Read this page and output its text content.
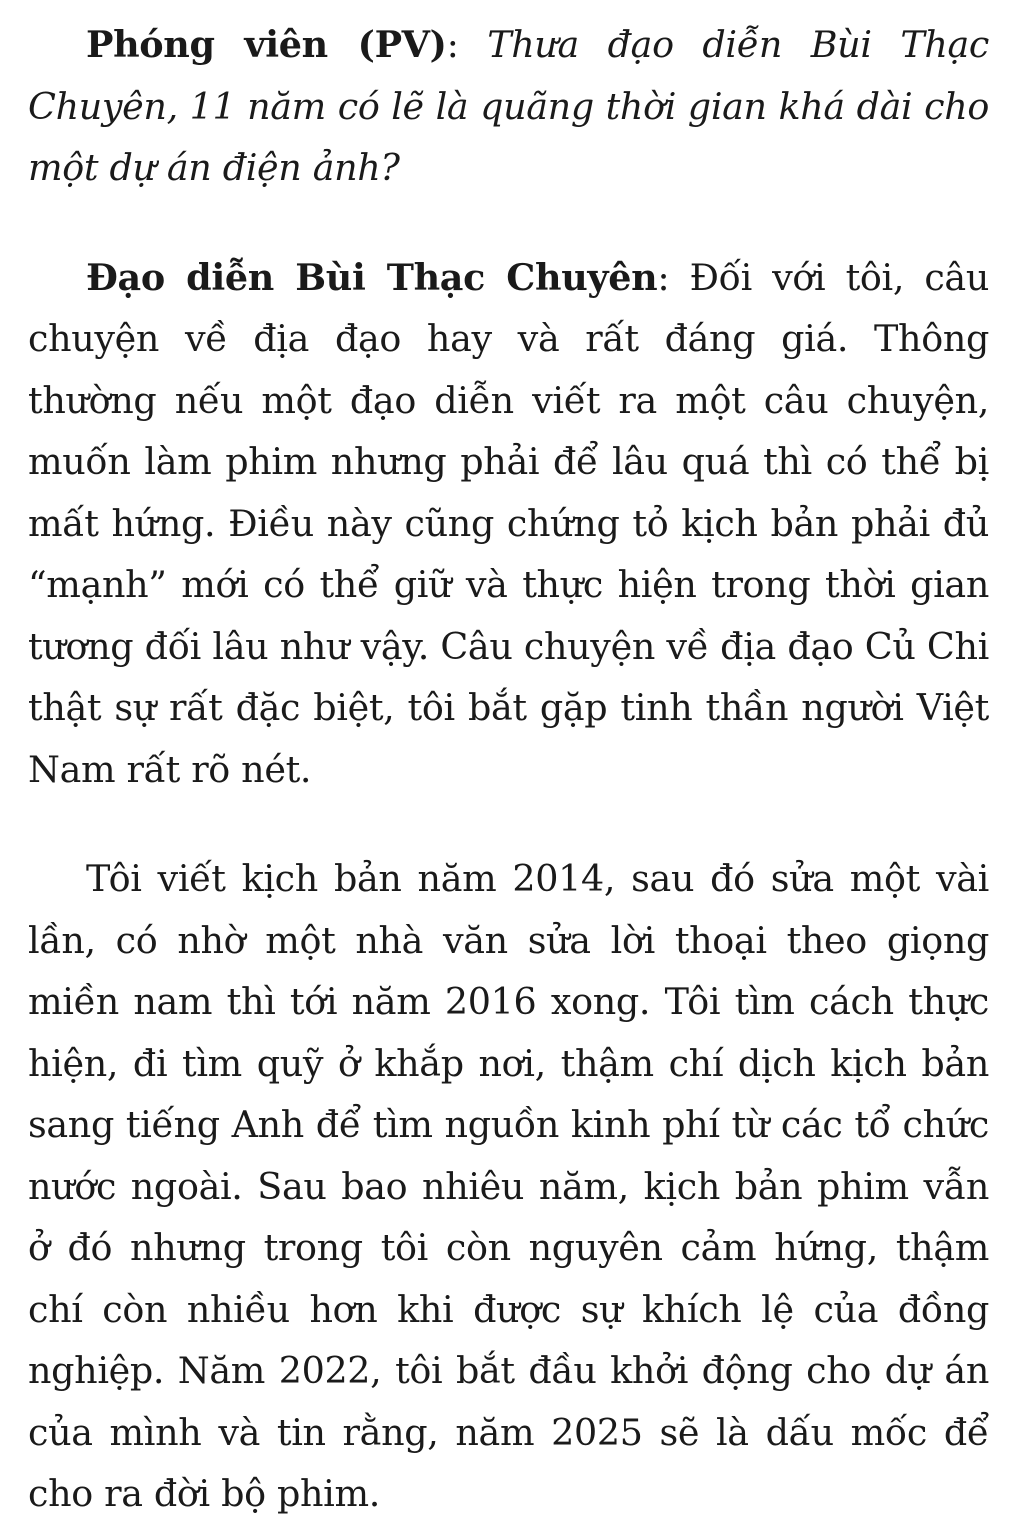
Phóng viên (PV): Thưa đạo diễn Bùi Thạc Chuyên, 11 năm có lẽ là quãng thời gian khá dài cho một dự án điện ảnh?

Đạo diễn Bùi Thạc Chuyên: Đối với tôi, câu chuyện về địa đạo hay và rất đáng giá. Thông thường nếu một đạo diễn viết ra một câu chuyện, muốn làm phim nhưng phải để lâu quá thì có thể bị mất hứng. Điều này cũng chứng tỏ kịch bản phải đủ “mạnh” mới có thể giữ và thực hiện trong thời gian tương đối lâu như vậy. Câu chuyện về địa đạo Củ Chi thật sự rất đặc biệt, tôi bắt gặp tinh thần người Việt Nam rất rõ nét.

Tôi viết kịch bản năm 2014, sau đó sửa một vài lần, có nhờ một nhà văn sửa lời thoại theo giọng miền nam thì tới năm 2016 xong. Tôi tìm cách thực hiện, đi tìm quỹ ở khắp nơi, thậm chí dịch kịch bản sang tiếng Anh để tìm nguồn kinh phí từ các tổ chức nước ngoài. Sau bao nhiêu năm, kịch bản phim vẫn ở đó nhưng trong tôi còn nguyên cảm hứng, thậm chí còn nhiều hơn khi được sự khích lệ của đồng nghiệp. Năm 2022, tôi bắt đầu khởi động cho dự án của mình và tin rằng, năm 2025 sẽ là dấu mốc để cho ra đời bộ phim.
